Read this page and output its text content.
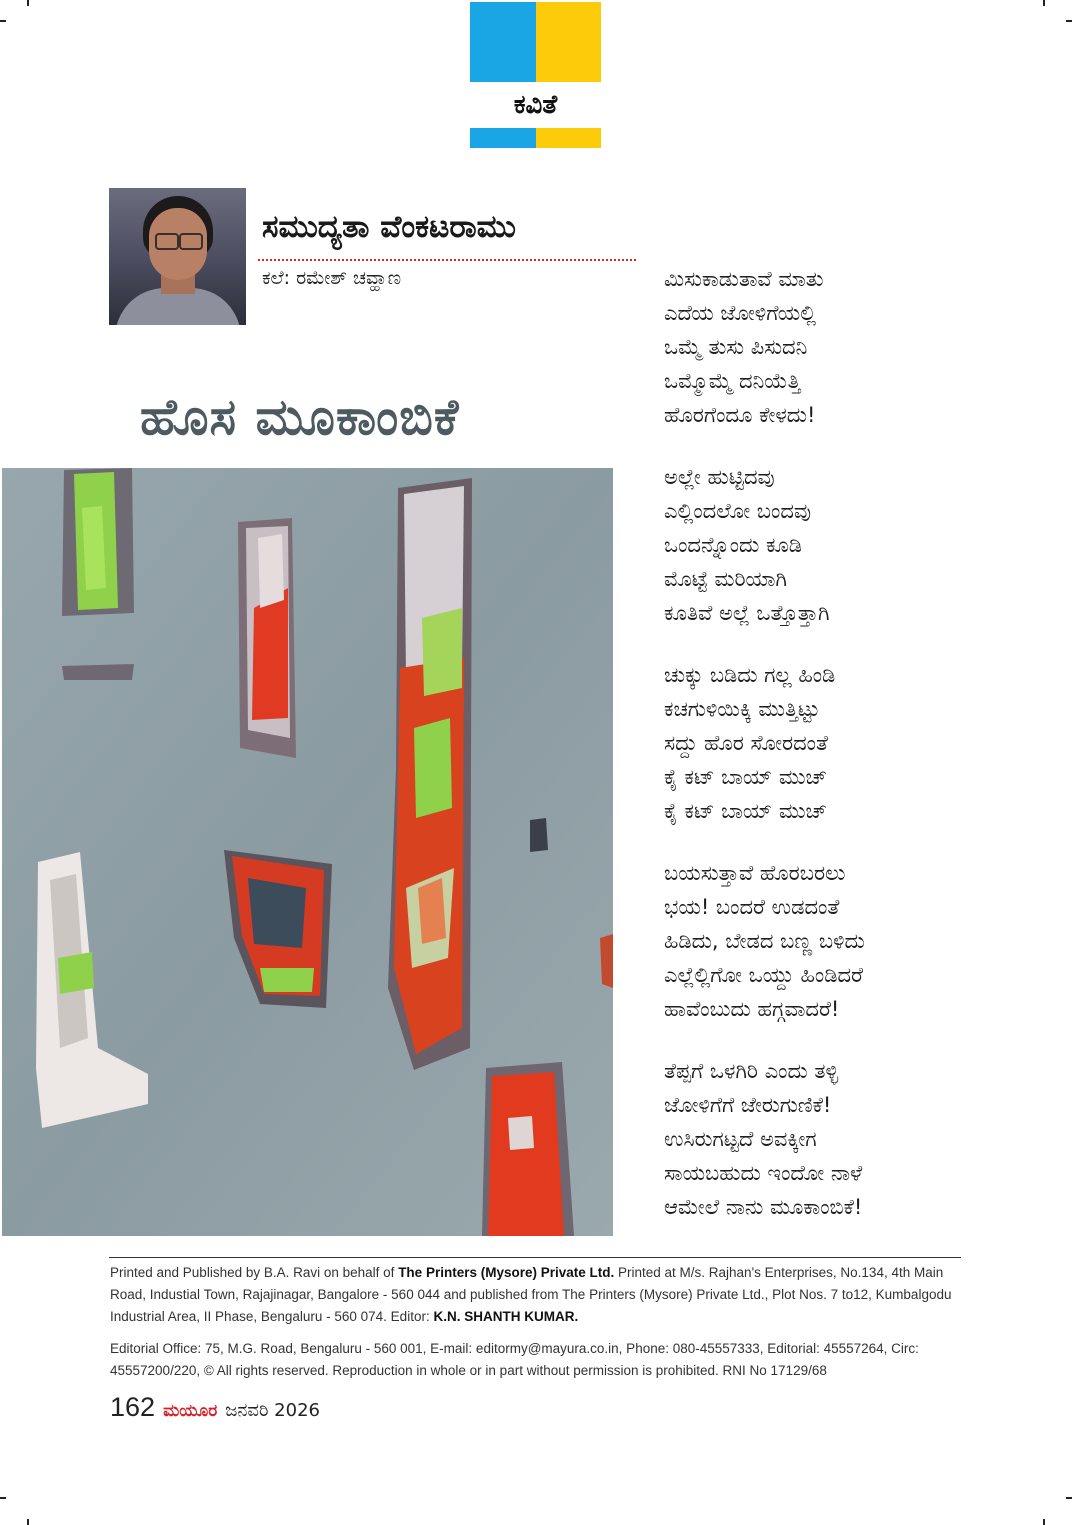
ಕವಿತೆ
ಸಮುದ್ಯತಾ ವೆಂಕಟರಾಮು
ಕಲೆ: ರಮೇಶ್ ಚವ್ಹಾಣ
ಹೊಸ ಮೂಕಾಂಬಿಕೆ
ಮಿಸುಕಾಡುತಾವೆ ಮಾತು
ಎದೆಯ ಜೋಳಿಗೆಯಲ್ಲಿ
ಒಮ್ಮೆ ತುಸು ಪಿಸುದನಿ
ಒಮ್ಮೊಮ್ಮೆ ದನಿಯೆತ್ತಿ
ಹೊರಗೆಂದೂ ಕೇಳದು!
ಅಲ್ಲೇ ಹುಟ್ಟಿದವು
ಎಲ್ಲಿಂದಲೋ ಬಂದವು
ಒಂದನ್ನೊಂದು ಕೂಡಿ
ಮೊಟ್ಟೆ ಮರಿಯಾಗಿ
ಕೂತಿವೆ ಅಲ್ಲೆ ಒತ್ತೊತ್ತಾಗಿ
ಚುಕ್ಕು ಬಡಿದು ಗಲ್ಲ ಹಿಂಡಿ
ಕಚಗುಳಿಯಿಕ್ಕಿ ಮುತ್ತಿಟ್ಟು
ಸದ್ದು ಹೊರ ಸೋರದಂತೆ
ಕೈ ಕಟ್ ಬಾಯ್ ಮುಚ್
ಕೈ ಕಟ್ ಬಾಯ್ ಮುಚ್
ಬಯಸುತ್ತಾವೆ ಹೊರಬರಲು
ಭಯ! ಬಂದರೆ ಉಡದಂತೆ
ಹಿಡಿದು, ಬೇಡದ ಬಣ್ಣ ಬಳಿದು
ಎಲ್ಲೆಲ್ಲಿಗೋ ಒಯ್ದು ಹಿಂಡಿದರೆ
ಹಾವೆಂಬುದು ಹಗ್ಗವಾದರೆ!
ತೆಪ್ಪಗೆ ಒಳಗಿರಿ ಎಂದು ತಳ್ಳಿ
ಜೋಳಿಗೆಗೆ ಜೇರುಗುಣಿಕೆ!
ಉಸಿರುಗಟ್ಟದೆ ಅವಕ್ಕೀಗ
ಸಾಯಬಹುದು ಇಂದೋ ನಾಳೆ
ಆಮೇಲೆ ನಾನು ಮೂಕಾಂಬಿಕೆ!

Printed and Published by B.A. Ravi on behalf of The Printers (Mysore) Private Ltd. Printed at M/s. Rajhan's Enterprises, No.134, 4th Main Road, Industial Town, Rajajinagar, Bangalore - 560 044 and published from The Printers (Mysore) Private Ltd., Plot Nos. 7 to12, Kumbalgodu Industrial Area, II Phase, Bengaluru - 560 074. Editor: K.N. SHANTH KUMAR.

Editorial Office: 75, M.G. Road, Bengaluru - 560 001, E-mail: editormy@mayura.co.in, Phone: 080-45557333, Editorial: 45557264, Circ: 45557200/220, © All rights reserved. Reproduction in whole or in part without permission is prohibited. RNI No 17129/68

162 ಮಯೂರ ಜನವರಿ 2026
